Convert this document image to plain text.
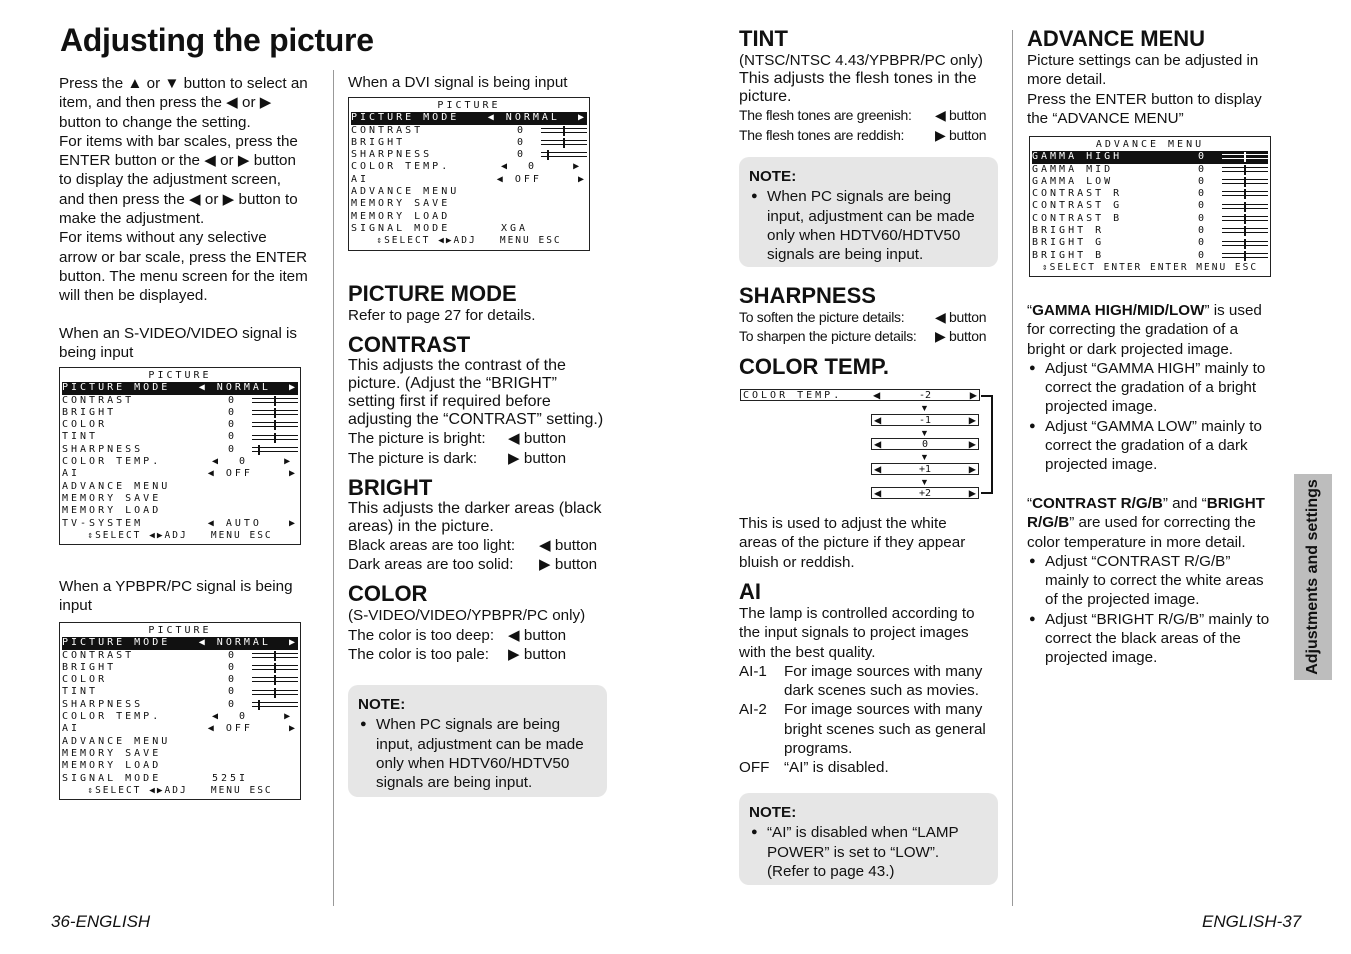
Adjusting the picture
Press the ▲ or ▼ button to select an
item, and then press the ◀ or ▶
button to change the setting.
For items with bar scales, press the
ENTER button or the ◀ or ▶ button
to display the adjustment screen,
and then press the ◀ or ▶ button to
make the adjustment.
For items without any selective
arrow or bar scale, press the ENTER
button. The menu screen for the item
will then be displayed.
When an S-VIDEO/VIDEO signal is
being input
PICTURE
PICTURE MODE	◀ NORMAL  ▶
CONTRAST	0
BRIGHT	0
COLOR	0
TINT	0
SHARPNESS	0
COLOR TEMP.	◀  0    ▶
AI	◀ OFF    ▶
ADVANCE MENU
MEMORY SAVE
MEMORY LOAD
TV-SYSTEM	◀ AUTO   ▶
⇕SELECT ◀▶ADJ   MENU ESC
When a YPBPR/PC signal is being
input
PICTURE
PICTURE MODE	◀ NORMAL  ▶
CONTRAST	0
BRIGHT	0
COLOR	0
TINT	0
SHARPNESS	0
COLOR TEMP.	◀  0    ▶
AI	◀ OFF    ▶
ADVANCE MENU
MEMORY SAVE
MEMORY LOAD
SIGNAL MODE	525I
⇕SELECT ◀▶ADJ   MENU ESC
36-ENGLISH
When a DVI signal is being input
PICTURE
PICTURE MODE	◀ NORMAL  ▶
CONTRAST	0
BRIGHT	0
SHARPNESS	0
COLOR TEMP.	◀  0    ▶
AI	◀ OFF    ▶
ADVANCE MENU
MEMORY SAVE
MEMORY LOAD
SIGNAL MODE	XGA
⇕SELECT ◀▶ADJ   MENU ESC
PICTURE MODE
Refer to page 27 for details.
CONTRAST
This adjusts the contrast of the
picture. (Adjust the “BRIGHT”
setting first if required before
adjusting the “CONTRAST” setting.)
The picture is bright:	◀ button
The picture is dark:	▶ button
BRIGHT
This adjusts the darker areas (black
areas) in the picture.
Black areas are too light:	◀ button
Dark areas are too solid:	▶ button
COLOR
(S-VIDEO/VIDEO/YPBPR/PC only)
The color is too deep: ◀ button
The color is too pale:	▶ button
NOTE:
● When PC signals are being
input, adjustment can be made
only when HDTV60/HDTV50
signals are being input.
TINT
(NTSC/NTSC 4.43/YPBPR/PC only)
This adjusts the flesh tones in the
picture.
The flesh tones are greenish:	◀ button
The flesh tones are reddish:	▶ button
NOTE:
● When PC signals are being
input, adjustment can be made
only when HDTV60/HDTV50
signals are being input.
SHARPNESS
To soften the picture details:	◀ button
To sharpen the picture details:	▶ button
COLOR TEMP.
COLOR TEMP.	◀	-2	▶
▼
◀	-1	▶
▼
◀	0	▶
▼
◀	+1	▶
▼
◀	+2	▶
This is used to adjust the white
areas of the picture if they appear
bluish or reddish.
AI
The lamp is controlled according to
the input signals to project images
with the best quality.
AI-1	For image sources with many
dark scenes such as movies.
AI-2	For image sources with many
bright scenes such as general
programs.
OFF “AI” is disabled.
NOTE:
● “AI” is disabled when “LAMP
POWER” is set to “LOW”.
(Refer to page 43.)
ADVANCE MENU
Picture settings can be adjusted in
more detail.
Press the ENTER button to display
the “ADVANCE MENU”
ADVANCE MENU
GAMMA HIGH	0
GAMMA MID	0
GAMMA LOW	0
CONTRAST R	0
CONTRAST G	0
CONTRAST B	0
BRIGHT R	0
BRIGHT G	0
BRIGHT B	0
⇕SELECT ENTER ENTER MENU ESC
“GAMMA HIGH/MID/LOW” is used
for correcting the gradation of a
bright or dark projected image.
● Adjust “GAMMA HIGH” mainly to
correct the gradation of a bright
projected image.
● Adjust “GAMMA LOW” mainly to
correct the gradation of a dark
projected image.
“CONTRAST R/G/B” and “BRIGHT
R/G/B” are used for correcting the
color temperature in more detail.
● Adjust “CONTRAST R/G/B”
mainly to correct the white areas
of the projected image.
● Adjust “BRIGHT R/G/B” mainly to
correct the black areas of the
projected image.	Adjustments and settings
ENGLISH-37
